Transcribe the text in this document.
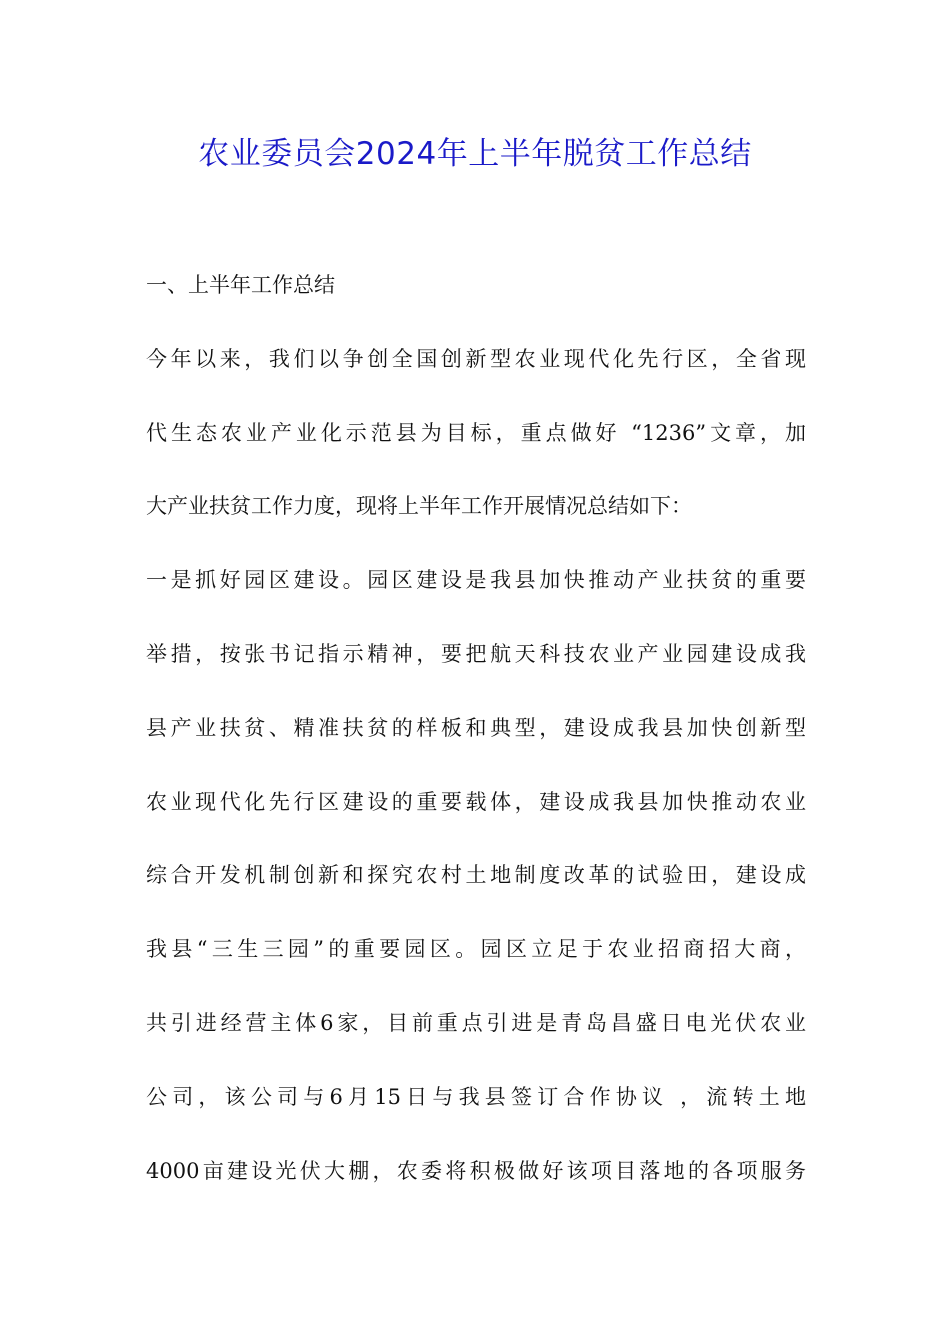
农业委员会2024年上半年脱贫工作总结
一、上半年工作总结
今年以来，我们以争创全国创新型农业现代化先行区，全省现
代生态农业产业化示范县为目标，重点做好 “1236”文章，加
大产业扶贫工作力度，现将上半年工作开展情况总结如下：
一是抓好园区建设。园区建设是我县加快推动产业扶贫的重要
举措，按张书记指示精神，要把航天科技农业产业园建设成我
县产业扶贫、精准扶贫的样板和典型，建设成我县加快创新型
农业现代化先行区建设的重要载体，建设成我县加快推动农业
综合开发机制创新和探究农村土地制度改革的试验田，建设成
我县“三生三园”的重要园区。园区立足于农业招商招大商，
共引进经营主体6家，目前重点引进是青岛昌盛日电光伏农业
公司，该公司与6月15日与我县签订合作协议 ，流转土地
4000亩建设光伏大棚，农委将积极做好该项目落地的各项服务
